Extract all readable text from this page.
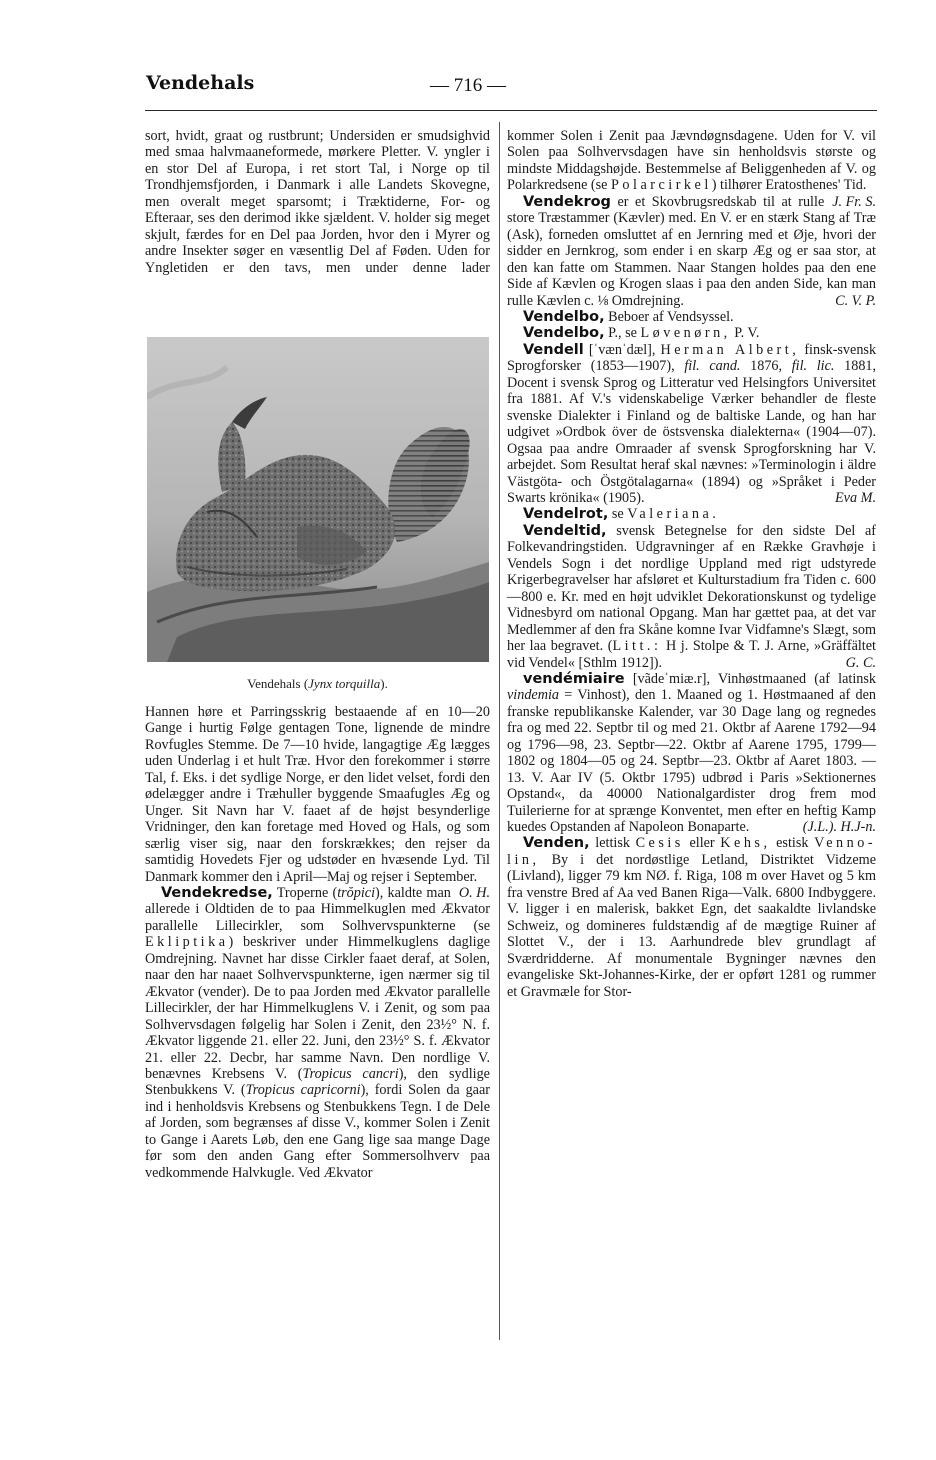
Vendehals	— 716 —

sort, hvidt, graat og rustbrunt; Undersiden er smudsighvid med smaa halvmaaneformede, mørkere Pletter. V. yngler i en stor Del af Europa, i ret stort Tal, i Norge op til Trondhjemsfjorden, i Danmark i alle Landets Skovegne, men overalt meget sparsomt; i Træktiderne, For- og Efteraar, ses den derimod ikke sjældent. V. holder sig meget skjult, færdes for en Del paa Jorden, hvor den i Myrer og andre Insekter søger en væsentlig Del af Føden. Uden for Yngletiden er den tavs, men under denne lader

Vendehals (Jynx torquilla).

Hannen høre et Parringsskrig bestaaende af en 10—20 Gange i hurtig Følge gentagen Tone, lignende de mindre Rovfugles Stemme. De 7—10 hvide, langagtige Æg lægges uden Underlag i et hult Træ. Hvor den forekommer i større Tal, f. Eks. i det sydlige Norge, er den lidet velset, fordi den ødelægger andre i Træhuller byggende Smaafugles Æg og Unger. Sit Navn har V. faaet af de højst besynderlige Vridninger, den kan foretage med Hoved og Hals, og som særlig viser sig, naar den forskrækkes; den rejser da samtidig Hovedets Fjer og udstøder en hvæsende Lyd. Til Danmark kommer den i April—Maj og rejser i September.
O. H.

Vendekredse, Troperne (trŏpici), kaldte man allerede i Oldtiden de to paa Himmelkuglen med Ækvator parallelle Lillecirkler, som Solhvervspunkterne (se Ekliptika) beskriver under Himmelkuglens daglige Omdrejning. Navnet har disse Cirkler faaet deraf, at Solen, naar den har naaet Solhvervspunkterne, igen nærmer sig til Ækvator (vender). De to paa Jorden med Ækvator parallelle Lillecirkler, der har Himmelkuglens V. i Zenit, og som paa Solhvervsdagen følgelig har Solen i Zenit, den 23½° N. f. Ækvator liggende 21. eller 22. Juni, den 23½° S. f. Ækvator 21. eller 22. Decbr, har samme Navn. Den nordlige V. benævnes Krebsens V. (Tropicus cancri), den sydlige Stenbukkens V. (Tropicus capricorni), fordi Solen da gaar ind i henholdsvis Krebsens og Stenbukkens Tegn. I de Dele af Jorden, som begrænses af disse V., kommer Solen i Zenit to Gange i Aarets Løb, den ene Gang lige saa mange Dage før som den anden Gang efter Sommersolhverv paa vedkommende Halvkugle. Ved Ækvator

kommer Solen i Zenit paa Jævndøgnsdagene. Uden for V. vil Solen paa Solhvervsdagen have sin henholdsvis største og mindste Middagshøjde. Bestemmelse af Beliggenheden af V. og Polarkredsene (se Polarcirkel) tilhører Eratosthenes' Tid.
J. Fr. S.

Vendekrog er et Skovbrugsredskab til at rulle store Træstammer (Kævler) med. En V. er en stærk Stang af Træ (Ask), forneden omsluttet af en Jernring med et Øje, hvori der sidder en Jernkrog, som ender i en skarp Æg og er saa stor, at den kan fatte om Stammen. Naar Stangen holdes paa den ene Side af Kævlen og Krogen slaas i paa den anden Side, kan man rulle Kævlen c. ⅛ Omdrejning.	C. V. P.

Vendelbo, Beboer af Vendsyssel.

Vendelbo, P., se Løvenørn, P. V.

Vendell [ˈvænˈdæl], Herman Albert, finsk-svensk Sprogforsker (1853—1907), fil. cand. 1876, fil. lic. 1881, Docent i svensk Sprog og Litteratur ved Helsingfors Universitet fra 1881. Af V.'s videnskabelige Værker behandler de fleste svenske Dialekter i Finland og de baltiske Lande, og han har udgivet »Ordbok över de östsvenska dialekterna« (1904—07). Ogsaa paa andre Omraader af svensk Sprogforskning har V. arbejdet. Som Resultat heraf skal nævnes: »Terminologin i äldre Västgöta- och Östgötalagarna« (1894) og »Språket i Peder Swarts krönika« (1905).	Eva M.

Vendelrot, se Valeriana.

Vendeltid, svensk Betegnelse for den sidste Del af Folkevandringstiden. Udgravninger af en Række Gravhøje i Vendels Sogn i det nordlige Uppland med rigt udstyrede Krigerbegravelser har afsløret et Kulturstadium fra Tiden c. 600—800 e. Kr. med en højt udviklet Dekorationskunst og tydelige Vidnesbyrd om national Opgang. Man har gættet paa, at det var Medlemmer af den fra Skåne komne Ivar Vidfamne's Slægt, som her laa begravet. (Litt.: H j. Stolpe & T. J. Arne, »Gräffältet vid Vendel« [Sthlm 1912]).	G. C.

vendémiaire [vãdeˈmiæ.r], Vinhøstmaaned (af latinsk vindemia = Vinhost), den 1. Maaned og 1. Høstmaaned af den franske republikanske Kalender, var 30 Dage lang og regnedes fra og med 22. Septbr til og med 21. Oktbr af Aarene 1792—94 og 1796—98, 23. Septbr—22. Oktbr af Aarene 1795, 1799—1802 og 1804—05 og 24. Septbr—23. Oktbr af Aaret 1803. — 13. V. Aar IV (5. Oktbr 1795) udbrød i Paris »Sektionernes Opstand«, da 40000 Nationalgardister drog frem mod Tuilerierne for at sprænge Konventet, men efter en heftig Kamp kuedes Opstanden af Napoleon Bonaparte.	(J.L.). H.J-n.

Venden, lettisk Cesis eller Kehs, estisk Venno-lin, By i det nordøstlige Letland, Distriktet Vidzeme (Livland), ligger 79 km NØ. f. Riga, 108 m over Havet og 5 km fra venstre Bred af Aa ved Banen Riga—Valk. 6800 Indbyggere. V. ligger i en malerisk, bakket Egn, det saakaldte livlandske Schweiz, og domineres fuldstændig af de mægtige Ruiner af Slottet V., der i 13. Aarhundrede blev grundlagt af Sværdridderne. Af monumentale Bygninger nævnes den evangeliske Skt-Johannes-Kirke, der er opført 1281 og rummer et Gravmæle for Stor-
